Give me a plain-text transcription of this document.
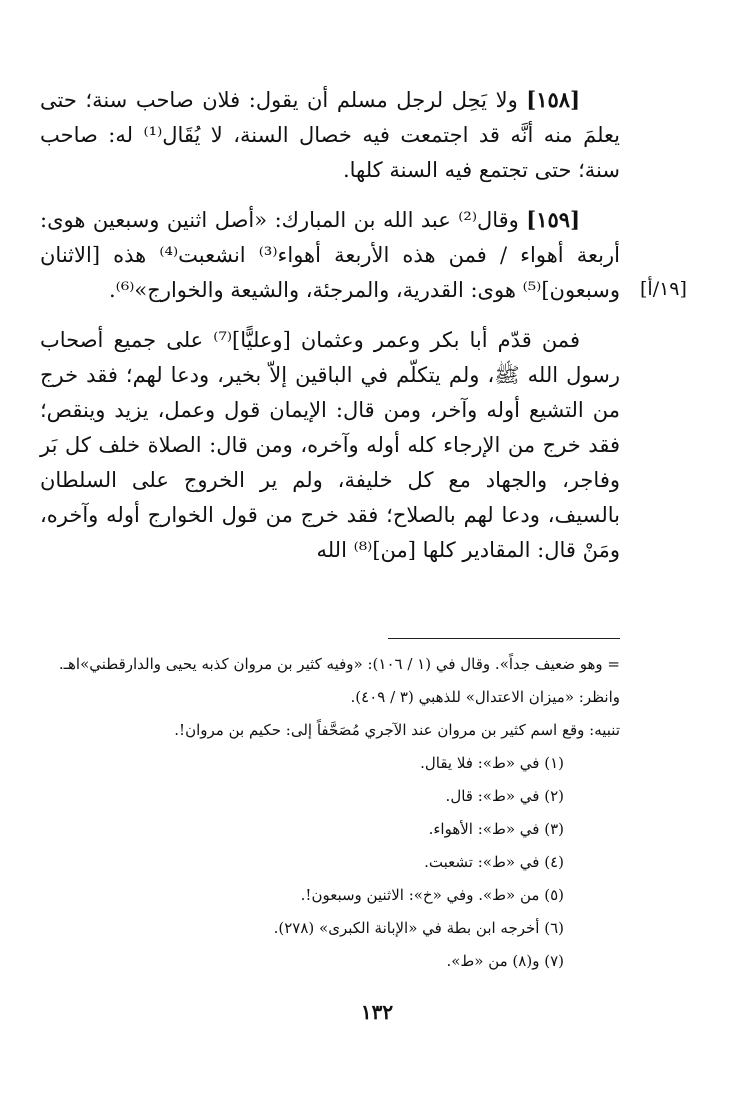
[١٩/أ]

[١٥٨] ولا يَحِل لرجل مسلم أن يقول: فلان صاحب سنة؛ حتى يعلمَ منه أنَّه قد اجتمعت فيه خصال السنة، لا يُقَال⁽¹⁾ له: صاحب سنة؛ حتى تجتمع فيه السنة كلها.

[١٥٩] وقال⁽²⁾ عبد الله بن المبارك: «أصل اثنين وسبعين هوى: أربعة أهواء / فمن هذه الأربعة أهواء⁽³⁾ انشعبت⁽⁴⁾ هذه [الاثنان وسبعون]⁽⁵⁾ هوى: القدرية، والمرجئة، والشيعة والخوارج»⁽⁶⁾.

فمن قدّم أبا بكر وعمر وعثمان [وعليًّا]⁽⁷⁾ على جميع أصحاب رسول الله ﷺ، ولم يتكلّم في الباقين إلاّ بخير، ودعا لهم؛ فقد خرج من التشيع أوله وآخر، ومن قال: الإيمان قول وعمل، يزيد وينقص؛ فقد خرج من الإرجاء كله أوله وآخره، ومن قال: الصلاة خلف كل بَر وفاجر، والجهاد مع كل خليفة، ولم ير الخروج على السلطان بالسيف، ودعا لهم بالصلاح؛ فقد خرج من قول الخوارج أوله وآخره، ومَنْ قال: المقادير كلها [من]⁽⁸⁾ الله

= وهو ضعيف جداً». وقال في (١ / ١٠٦): «وفيه كثير بن مروان كذبه يحيى والدارقطني»اهـ.
وانظر: «ميزان الاعتدال» للذهبي (٣ / ٤٠٩).
تنبيه: وقع اسم كثير بن مروان عند الآجري مُصَحَّفاً إلى: حكيم بن مروان!.
(١) في «ط»: فلا يقال.
(٢) في «ط»: قال.
(٣) في «ط»: الأهواء.
(٤) في «ط»: تشعبت.
(٥) من «ط». وفي «خ»: الاثنين وسبعون!.
(٦) أخرجه ابن بطة في «الإبانة الكبرى» (٢٧٨).
(٧) و(٨) من «ط».
١٣٢
